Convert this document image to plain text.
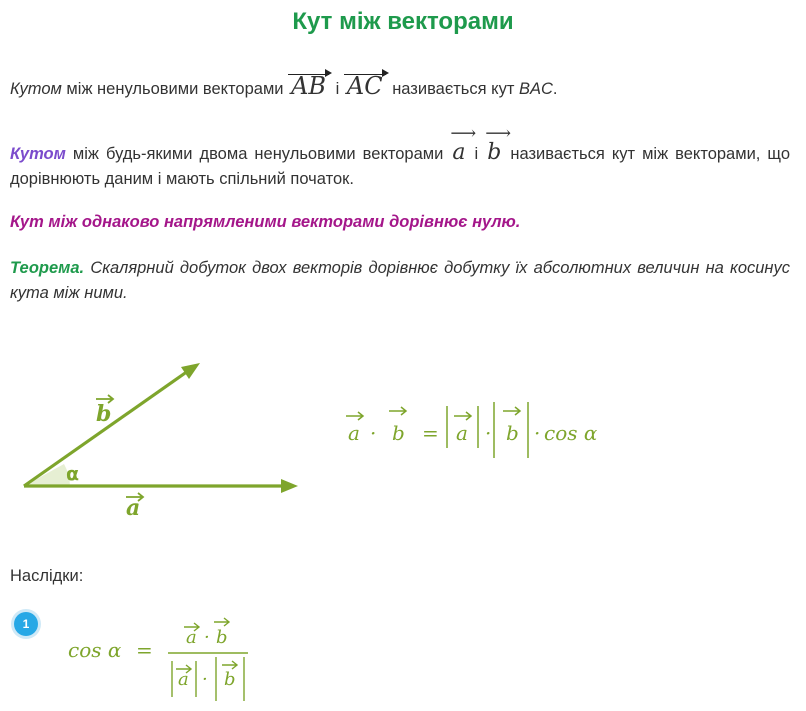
Кут між векторами
Кутом між ненульовими векторами AB і AC називається кут BAC.
Кутом між будь-якими двома ненульовими векторами
⟶
a і
⟶
b називається кут між векторами, що дорівнюють даним і мають спільний початок.
Кут між однаково напрямленими векторами дорівнює нулю.
Теорема. Скалярний добуток двох векторів дорівнює добутку їх абсолютних величин на косинус кута між ними.
α
b
a
a · b = a · b · cos α
Наслідки:
1
cos α =
a · b
a · b
